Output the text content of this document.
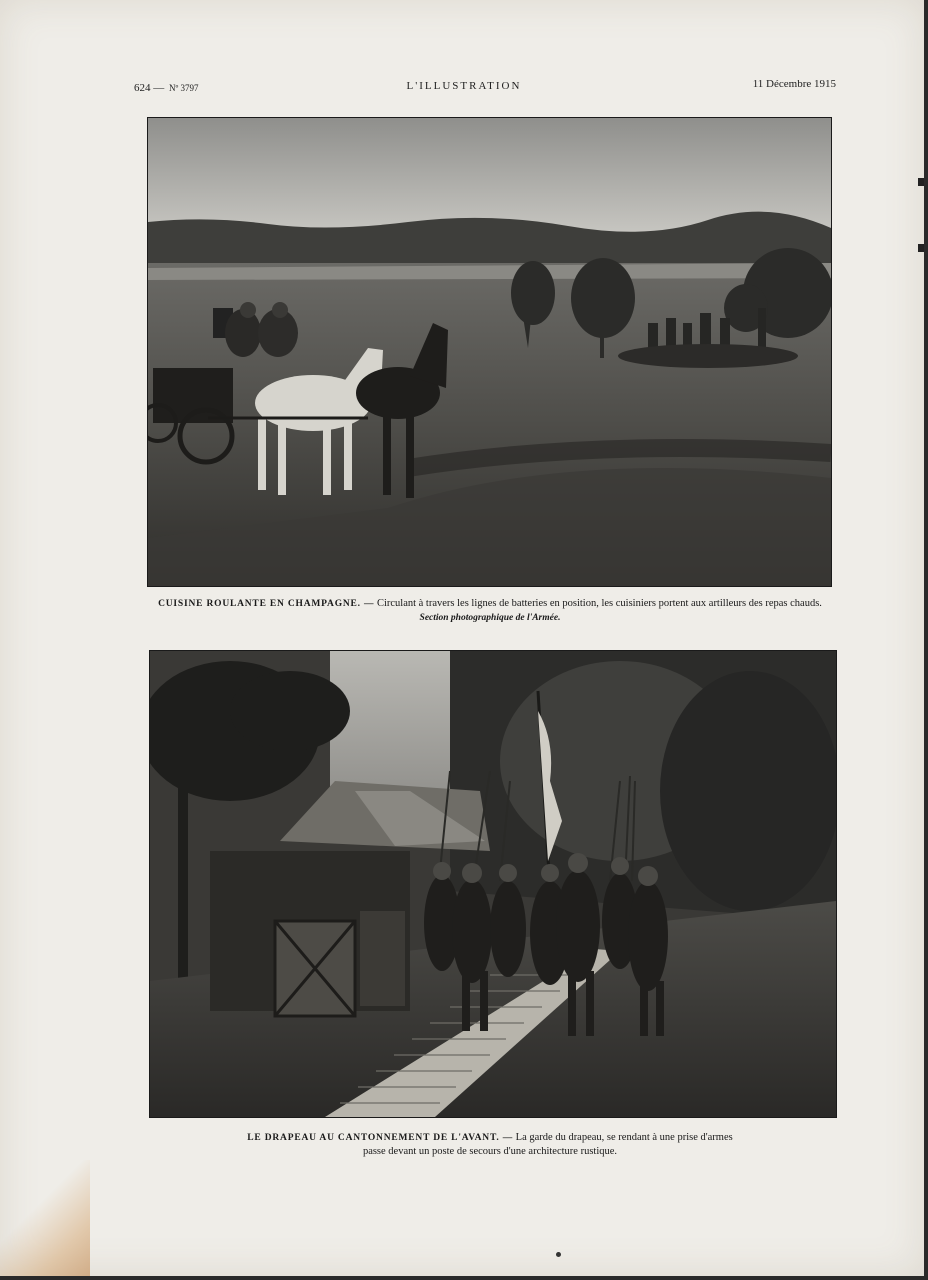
624 — Nº 3797	L'ILLUSTRATION	11 Décembre 1915
CUISINE ROULANTE EN CHAMPAGNE. — Circulant à travers les lignes de batteries en position, les cuisiniers portent aux artilleurs des repas chauds.
Section photographique de l'Armée.
LE DRAPEAU AU CANTONNEMENT DE L'AVANT. — La garde du drapeau, se rendant à une prise d'armes
passe devant un poste de secours d'une architecture rustique.
